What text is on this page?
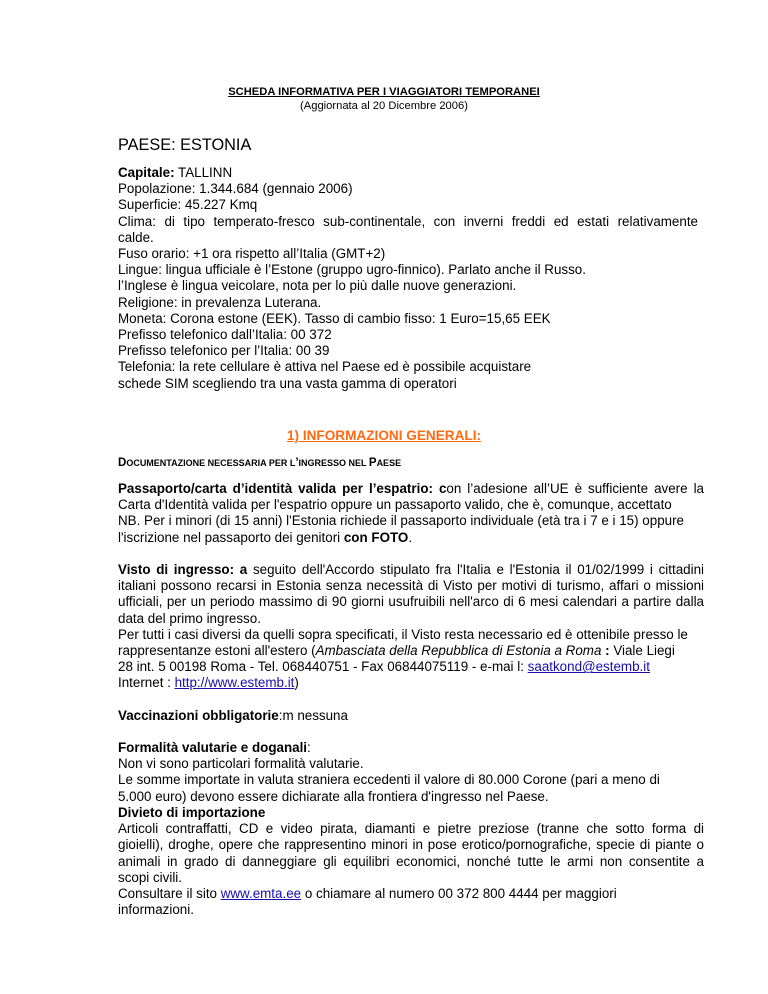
SCHEDA INFORMATIVA PER I VIAGGIATORI TEMPORANEI
(Aggiornata al 20 Dicembre 2006)
PAESE: ESTONIA
Capitale: TALLINN
Popolazione: 1.344.684 (gennaio 2006)
Superficie: 45.227 Kmq
Clima: di tipo temperato-fresco sub-continentale, con inverni freddi ed estati relativamente
calde.
Fuso orario: +1 ora rispetto all’Italia (GMT+2)
Lingue: lingua ufficiale è l’Estone (gruppo ugro-finnico). Parlato anche il Russo.
l’Inglese è lingua veicolare, nota per lo più dalle nuove generazioni.
Religione: in prevalenza Luterana.
Moneta: Corona estone (EEK). Tasso di cambio fisso: 1 Euro=15,65 EEK
Prefisso telefonico dall’Italia: 00 372
Prefisso telefonico per l’Italia: 00 39
Telefonia: la rete cellulare è attiva nel Paese ed è possibile acquistare
schede SIM scegliendo tra una vasta gamma di operatori
1) INFORMAZIONI GENERALI:
DOCUMENTAZIONE NECESSARIA PER L’INGRESSO NEL PAESE
Passaporto/carta d’identità valida per l’espatrio: con l’adesione all’UE è sufficiente avere la
Carta d'Identità valida per l'espatrio oppure un passaporto valido, che è, comunque, accettato
NB. Per i minori (di 15 anni) l'Estonia richiede il passaporto individuale (età tra i 7 e i 15) oppure
l'iscrizione nel passaporto dei genitori con FOTO.
Visto di ingresso: a seguito dell'Accordo stipulato fra l'Italia e l'Estonia il 01/02/1999 i cittadini
italiani possono recarsi in Estonia senza necessità di Visto per motivi di turismo, affari o missioni
ufficiali, per un periodo massimo di 90 giorni usufruibili nell'arco di 6 mesi calendari a partire dalla
data del primo ingresso.
Per tutti i casi diversi da quelli sopra specificati, il Visto resta necessario ed è ottenibile presso le
rappresentanze estoni all'estero (Ambasciata della Repubblica di Estonia a Roma : Viale Liegi
28 int. 5 00198 Roma - Tel. 068440751 - Fax 06844075119 - e-mai l: saatkond@estemb.it
Internet : http://www.estemb.it)
Vaccinazioni obbligatorie:m nessuna
Formalità valutarie e doganali:
Non vi sono particolari formalità valutarie.
Le somme importate in valuta straniera eccedenti il valore di 80.000 Corone (pari a meno di
5.000 euro) devono essere dichiarate alla frontiera d'ingresso nel Paese.
Divieto di importazione
Articoli contraffatti, CD e video pirata, diamanti e pietre preziose (tranne che sotto forma di
gioielli), droghe, opere che rappresentino minori in pose erotico/pornografiche, specie di piante o
animali in grado di danneggiare gli equilibri economici, nonché tutte le armi non consentite a
scopi civili.
Consultare il sito www.emta.ee o chiamare al numero 00 372 800 4444 per maggiori
informazioni.
